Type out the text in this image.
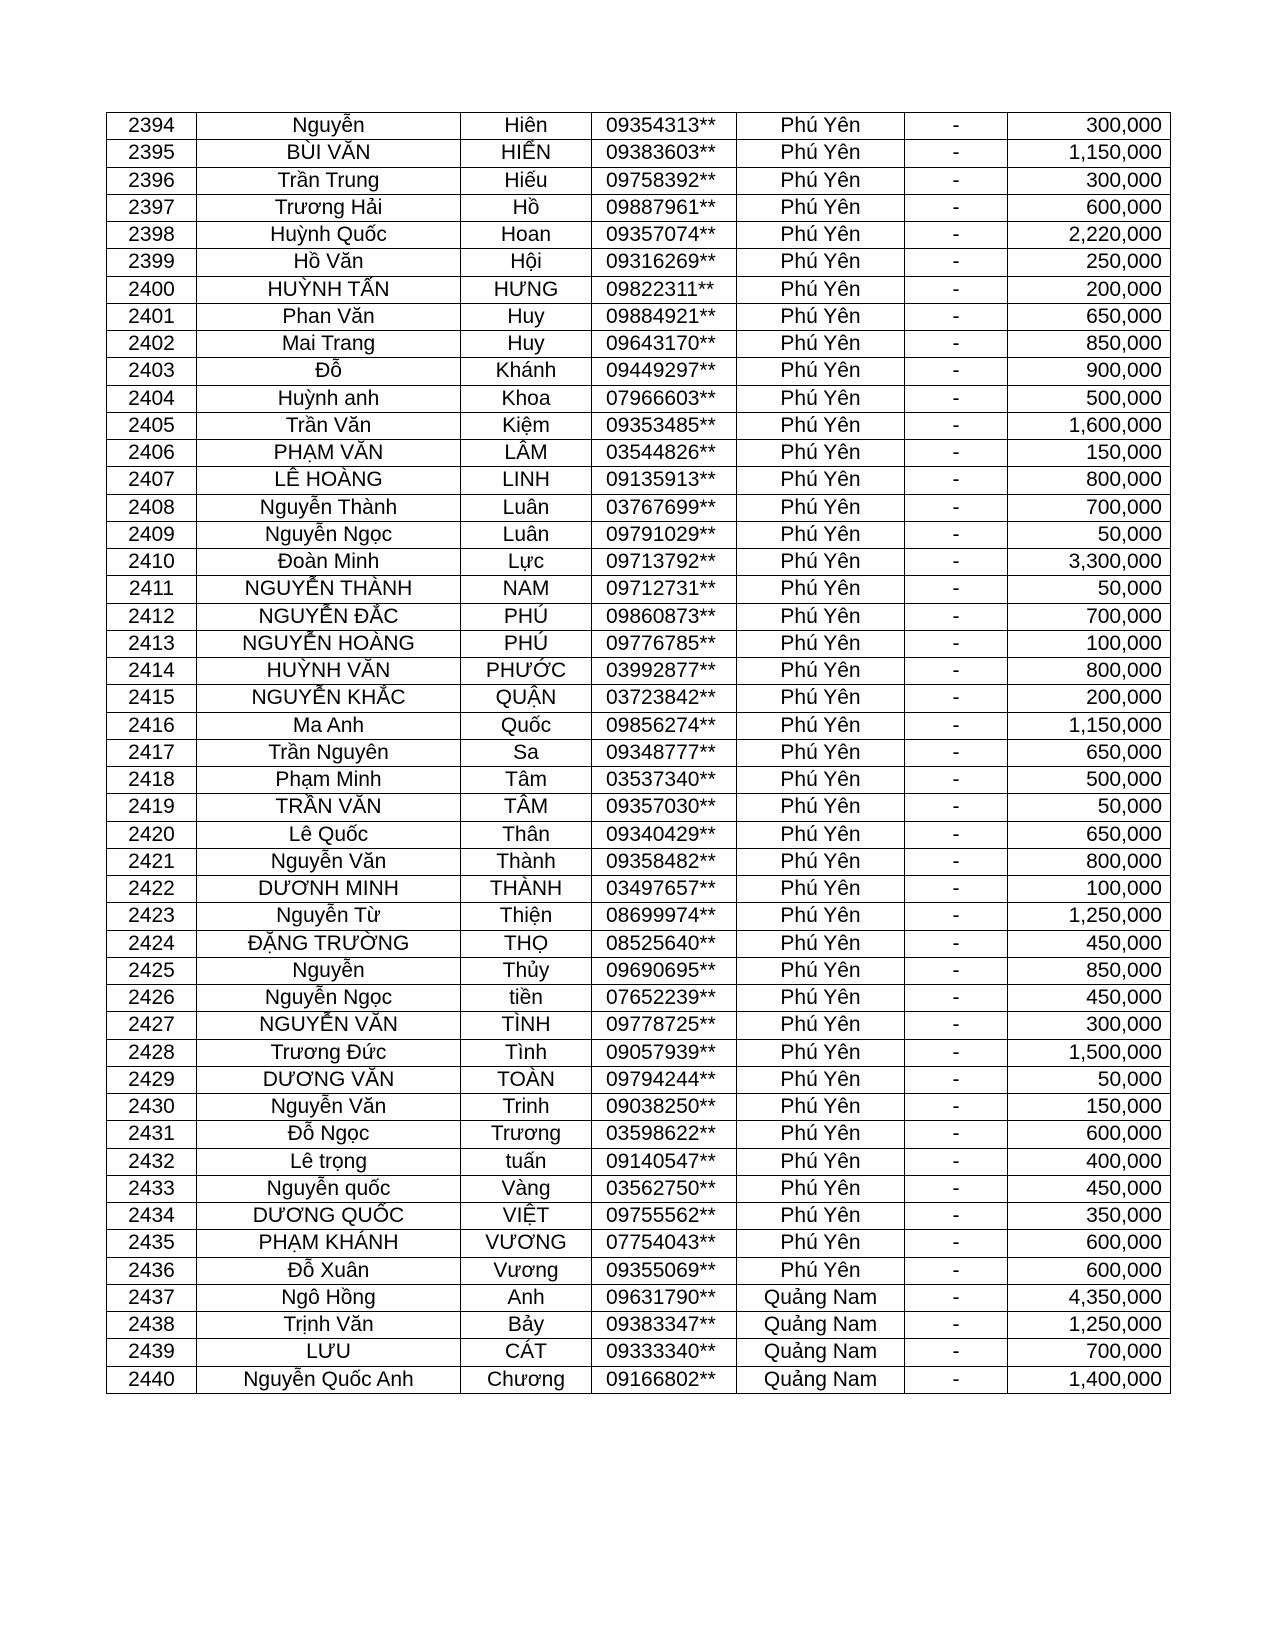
2394	Nguyễn	Hiên	09354313**	Phú Yên	-	300,000
2395	BÙI VĂN	HIỂN	09383603**	Phú Yên	-	1,150,000
2396	Trần Trung	Hiếu	09758392**	Phú Yên	-	300,000
2397	Trương Hải	Hồ	09887961**	Phú Yên	-	600,000
2398	Huỳnh Quốc	Hoan	09357074**	Phú Yên	-	2,220,000
2399	Hồ Văn	Hội	09316269**	Phú Yên	-	250,000
2400	HUỲNH TẤN	HƯNG	09822311**	Phú Yên	-	200,000
2401	Phan Văn	Huy	09884921**	Phú Yên	-	650,000
2402	Mai Trang	Huy	09643170**	Phú Yên	-	850,000
2403	Đỗ	Khánh	09449297**	Phú Yên	-	900,000
2404	Huỳnh anh	Khoa	07966603**	Phú Yên	-	500,000
2405	Trần Văn	Kiệm	09353485**	Phú Yên	-	1,600,000
2406	PHẠM VĂN	LÂM	03544826**	Phú Yên	-	150,000
2407	LÊ HOÀNG	LINH	09135913**	Phú Yên	-	800,000
2408	Nguyễn Thành	Luân	03767699**	Phú Yên	-	700,000
2409	Nguyễn Ngọc	Luân	09791029**	Phú Yên	-	50,000
2410	Đoàn Minh	Lực	09713792**	Phú Yên	-	3,300,000
2411	NGUYỄN THÀNH	NAM	09712731**	Phú Yên	-	50,000
2412	NGUYỄN ĐẮC	PHÚ	09860873**	Phú Yên	-	700,000
2413	NGUYỄN HOÀNG	PHÚ	09776785**	Phú Yên	-	100,000
2414	HUỲNH VĂN	PHƯỚC	03992877**	Phú Yên	-	800,000
2415	NGUYỄN KHẮC	QUẬN	03723842**	Phú Yên	-	200,000
2416	Ma Anh	Quốc	09856274**	Phú Yên	-	1,150,000
2417	Trần Nguyên	Sa	09348777**	Phú Yên	-	650,000
2418	Phạm Minh	Tâm	03537340**	Phú Yên	-	500,000
2419	TRẦN VĂN	TÂM	09357030**	Phú Yên	-	50,000
2420	Lê Quốc	Thân	09340429**	Phú Yên	-	650,000
2421	Nguyễn Văn	Thành	09358482**	Phú Yên	-	800,000
2422	DƯƠNH MINH	THÀNH	03497657**	Phú Yên	-	100,000
2423	Nguyễn Từ	Thiện	08699974**	Phú Yên	-	1,250,000
2424	ĐẶNG TRƯỜNG	THỌ	08525640**	Phú Yên	-	450,000
2425	Nguyễn	Thủy	09690695**	Phú Yên	-	850,000
2426	Nguyễn Ngọc	tiền	07652239**	Phú Yên	-	450,000
2427	NGUYỄN VĂN	TÌNH	09778725**	Phú Yên	-	300,000
2428	Trương Đức	Tình	09057939**	Phú Yên	-	1,500,000
2429	DƯƠNG VĂN	TOÀN	09794244**	Phú Yên	-	50,000
2430	Nguyễn Văn	Trinh	09038250**	Phú Yên	-	150,000
2431	Đỗ Ngọc	Trương	03598622**	Phú Yên	-	600,000
2432	Lê trọng	tuấn	09140547**	Phú Yên	-	400,000
2433	Nguyễn quốc	Vàng	03562750**	Phú Yên	-	450,000
2434	DƯƠNG QUỐC	VIỆT	09755562**	Phú Yên	-	350,000
2435	PHẠM KHÁNH	VƯƠNG	07754043**	Phú Yên	-	600,000
2436	Đỗ Xuân	Vương	09355069**	Phú Yên	-	600,000
2437	Ngô Hồng	Anh	09631790**	Quảng Nam	-	4,350,000
2438	Trịnh Văn	Bảy	09383347**	Quảng Nam	-	1,250,000
2439	LƯU	CÁT	09333340**	Quảng Nam	-	700,000
2440	Nguyễn Quốc Anh	Chương	09166802**	Quảng Nam	-	1,400,000
